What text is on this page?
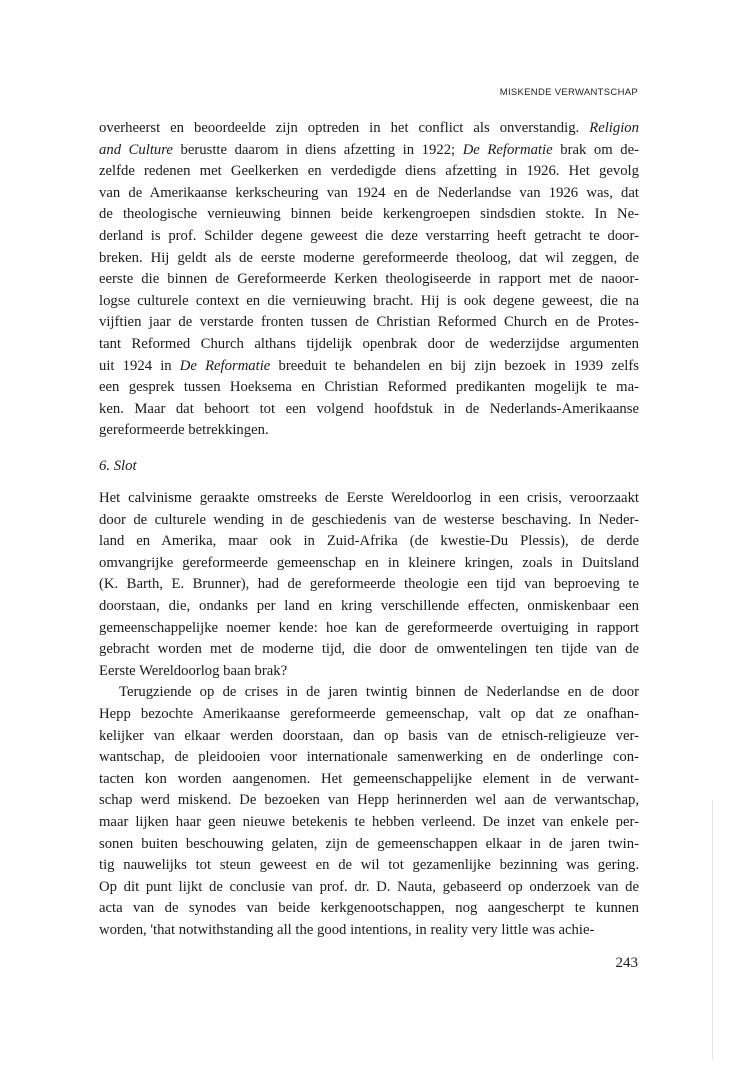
MISKENDE VERWANTSCHAP
overheerst en beoordeelde zijn optreden in het conflict als onverstandig. Religion
and Culture berustte daarom in diens afzetting in 1922; De Reformatie brak om de-
zelfde redenen met Geelkerken en verdedigde diens afzetting in 1926. Het gevolg
van de Amerikaanse kerkscheuring van 1924 en de Nederlandse van 1926 was, dat
de theologische vernieuwing binnen beide kerkengroepen sindsdien stokte. In Ne-
derland is prof. Schilder degene geweest die deze verstarring heeft getracht te door-
breken. Hij geldt als de eerste moderne gereformeerde theoloog, dat wil zeggen, de
eerste die binnen de Gereformeerde Kerken theologiseerde in rapport met de naoor-
logse culturele context en die vernieuwing bracht. Hij is ook degene geweest, die na
vijftien jaar de verstarde fronten tussen de Christian Reformed Church en de Protes-
tant Reformed Church althans tijdelijk openbrak door de wederzijdse argumenten
uit 1924 in De Reformatie breeduit te behandelen en bij zijn bezoek in 1939 zelfs
een gesprek tussen Hoeksema en Christian Reformed predikanten mogelijk te ma-
ken. Maar dat behoort tot een volgend hoofdstuk in de Nederlands-Amerikaanse
gereformeerde betrekkingen.
6. Slot
Het calvinisme geraakte omstreeks de Eerste Wereldoorlog in een crisis, veroorzaakt
door de culturele wending in de geschiedenis van de westerse beschaving. In Neder-
land en Amerika, maar ook in Zuid-Afrika (de kwestie-Du Plessis), de derde
omvangrijke gereformeerde gemeenschap en in kleinere kringen, zoals in Duitsland
(K. Barth, E. Brunner), had de gereformeerde theologie een tijd van beproeving te
doorstaan, die, ondanks per land en kring verschillende effecten, onmiskenbaar een
gemeenschappelijke noemer kende: hoe kan de gereformeerde overtuiging in rapport
gebracht worden met de moderne tijd, die door de omwentelingen ten tijde van de
Eerste Wereldoorlog baan brak?
Terugziende op de crises in de jaren twintig binnen de Nederlandse en de door
Hepp bezochte Amerikaanse gereformeerde gemeenschap, valt op dat ze onafhan-
kelijker van elkaar werden doorstaan, dan op basis van de etnisch-religieuze ver-
wantschap, de pleidooien voor internationale samenwerking en de onderlinge con-
tacten kon worden aangenomen. Het gemeenschappelijke element in de verwant-
schap werd miskend. De bezoeken van Hepp herinnerden wel aan de verwantschap,
maar lijken haar geen nieuwe betekenis te hebben verleend. De inzet van enkele per-
sonen buiten beschouwing gelaten, zijn de gemeenschappen elkaar in de jaren twin-
tig nauwelijks tot steun geweest en de wil tot gezamenlijke bezinning was gering.
Op dit punt lijkt de conclusie van prof. dr. D. Nauta, gebaseerd op onderzoek van de
acta van de synodes van beide kerkgenootschappen, nog aangescherpt te kunnen
worden, 'that notwithstanding all the good intentions, in reality very little was achie-
243
